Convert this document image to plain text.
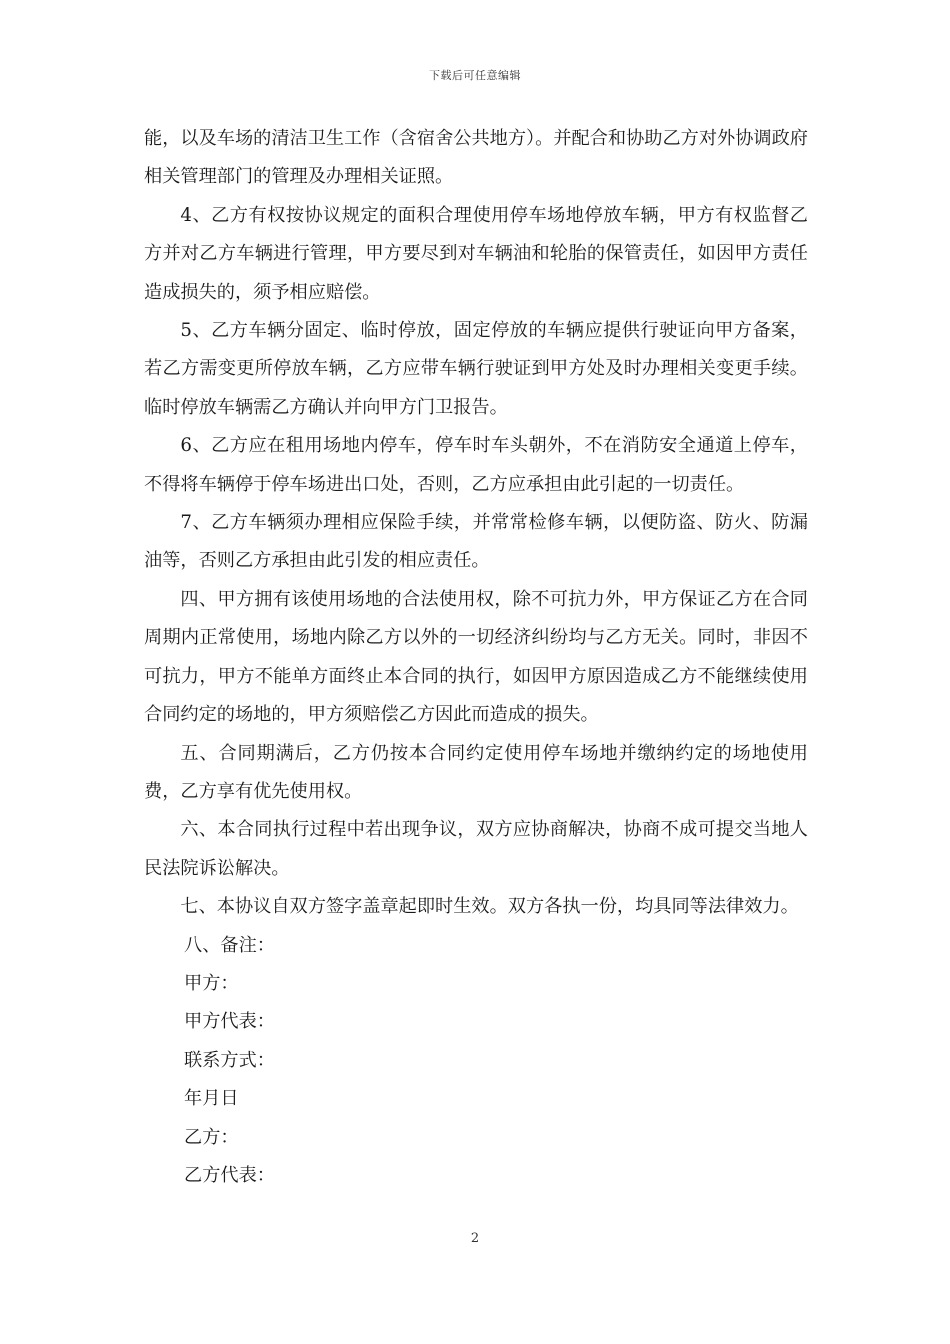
下载后可任意编辑

能，以及车场的清洁卫生工作（含宿舍公共地方）。并配合和协助乙方对外协调政府相关管理部门的管理及办理相关证照。

4、乙方有权按协议规定的面积合理使用停车场地停放车辆，甲方有权监督乙方并对乙方车辆进行管理，甲方要尽到对车辆油和轮胎的保管责任，如因甲方责任造成损失的，须予相应赔偿。

5、乙方车辆分固定、临时停放，固定停放的车辆应提供行驶证向甲方备案，若乙方需变更所停放车辆，乙方应带车辆行驶证到甲方处及时办理相关变更手续。临时停放车辆需乙方确认并向甲方门卫报告。

6、乙方应在租用场地内停车，停车时车头朝外，不在消防安全通道上停车，不得将车辆停于停车场进出口处，否则，乙方应承担由此引起的一切责任。

7、乙方车辆须办理相应保险手续，并常常检修车辆，以便防盗、防火、防漏油等，否则乙方承担由此引发的相应责任。

四、甲方拥有该使用场地的合法使用权，除不可抗力外，甲方保证乙方在合同周期内正常使用，场地内除乙方以外的一切经济纠纷均与乙方无关。同时，非因不可抗力，甲方不能单方面终止本合同的执行，如因甲方原因造成乙方不能继续使用合同约定的场地的，甲方须赔偿乙方因此而造成的损失。

五、合同期满后，乙方仍按本合同约定使用停车场地并缴纳约定的场地使用费，乙方享有优先使用权。

六、本合同执行过程中若出现争议，双方应协商解决，协商不成可提交当地人民法院诉讼解决。

七、本协议自双方签字盖章起即时生效。双方各执一份，均具同等法律效力。

八、备注：

甲方：

甲方代表：

联系方式：

年月日

乙方：

乙方代表：

2
